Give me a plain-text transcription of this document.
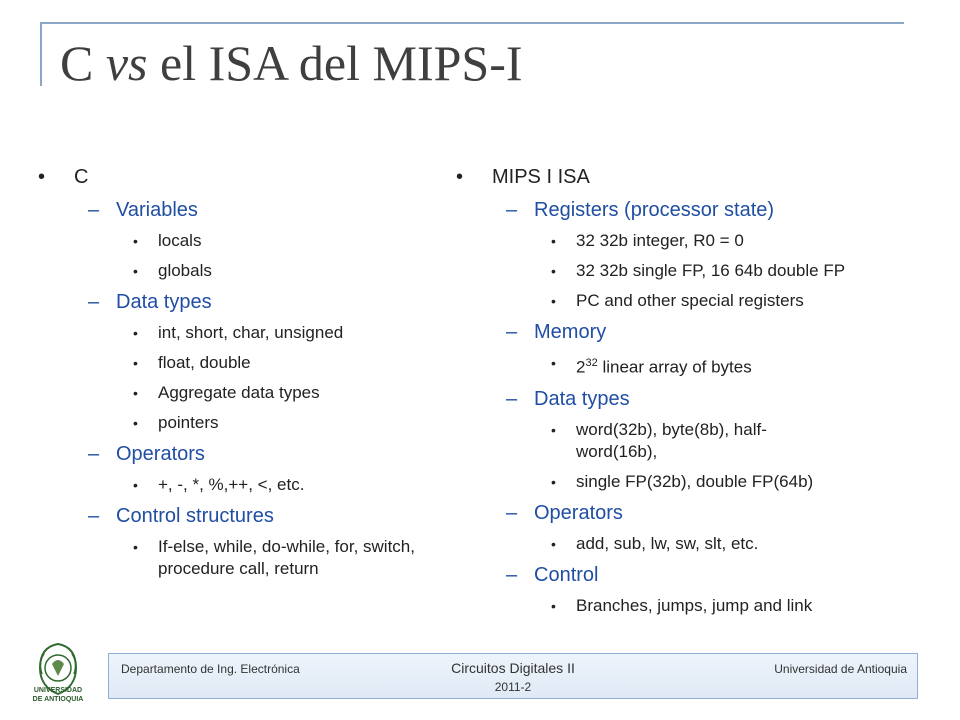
C vs el ISA del MIPS-I
• C
– Variables
• locals
• globals
– Data types
• int, short, char, unsigned
• float, double
• Aggregate data types
• pointers
– Operators
• +, -, *, %,++, <, etc.
– Control structures
• If-else, while, do-while, for, switch, procedure call, return
• MIPS I ISA
– Registers (processor state)
• 32 32b integer, R0 = 0
• 32 32b single FP, 16 64b double FP
• PC and other special registers
– Memory
• $2^{32}$ linear array of bytes
– Data types
• word(32b), byte(8b), half-word(16b),
• single FP(32b), double FP(64b)
– Operators
• add, sub, lw, sw, slt, etc.
– Control
• Branches, jumps, jump and link
UNIVERSIDAD
DE ANTIOQUIA
Departamento de Ing. Electrónica	Circuitos Digitales II
2011-2
Universidad de Antioquia
